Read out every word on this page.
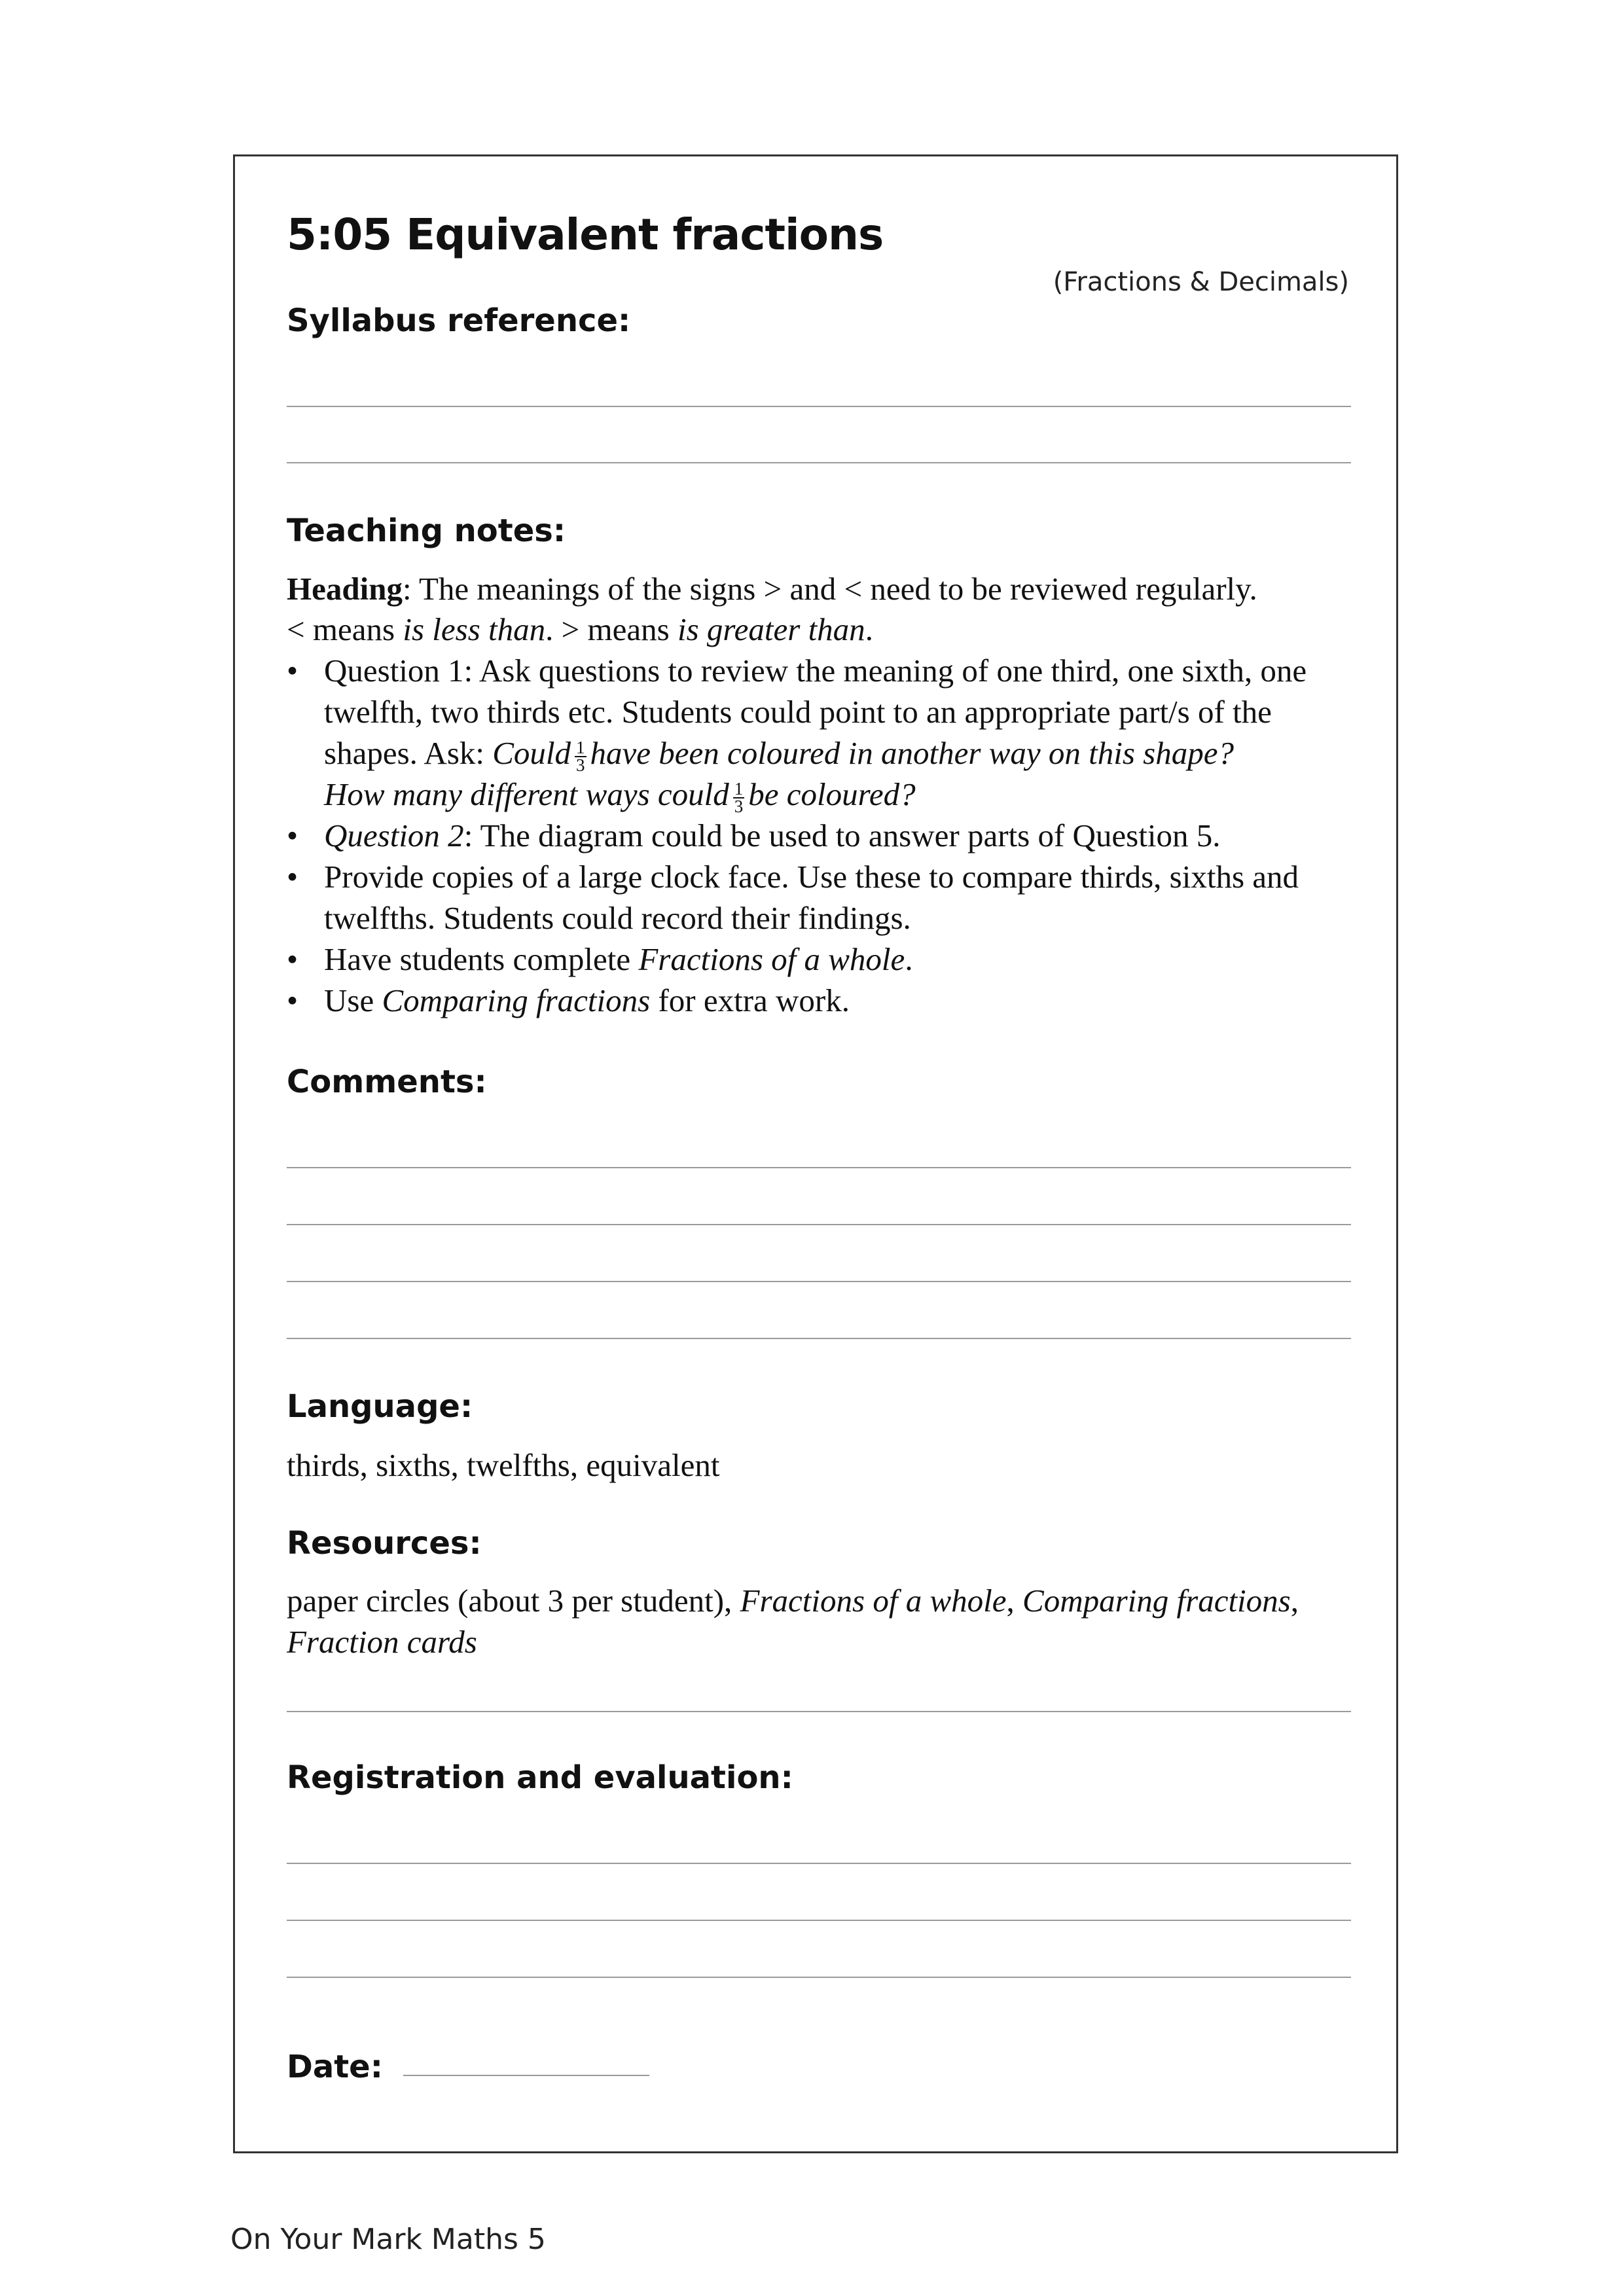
5:05 Equivalent fractions
(Fractions & Decimals)
Syllabus reference:
Teaching notes:
Heading: The meanings of the signs > and < need to be reviewed regularly.
< means is less than. > means is greater than.
• Question 1: Ask questions to review the meaning of one third, one sixth, one
twelfth, two thirds etc. Students could point to an appropriate part/s of the
shapes. Ask: Could $\frac{1}{3}$ have been coloured in another way on this shape?
How many different ways could $\frac{1}{3}$ be coloured?
• Question 2: The diagram could be used to answer parts of Question 5.
• Provide copies of a large clock face. Use these to compare thirds, sixths and
twelfths. Students could record their findings.
• Have students complete Fractions of a whole.
• Use Comparing fractions for extra work.
Comments:
Language:
thirds, sixths, twelfths, equivalent
Resources:
paper circles (about 3 per student), Fractions of a whole, Comparing fractions,
Fraction cards
Registration and evaluation:
Date:
On Your Mark Maths 5
